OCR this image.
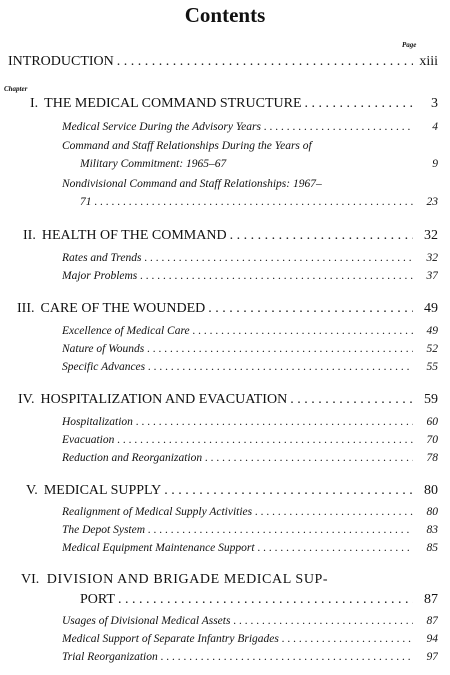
Contents
Page
INTRODUCTION . . .	xiii
Chapter
I. THE MEDICAL COMMAND STRUCTURE . . .	3
Medical Service During the Advisory Years . . .	4
Command and Staff Relationships During the Years of
Military Commitment: 1965–67	9
Nondivisional Command and Staff Relationships: 1967–
71 . . .	23
II. HEALTH OF THE COMMAND . . .	32
Rates and Trends . . .	32
Major Problems . . .	37
III. CARE OF THE WOUNDED . . .	49
Excellence of Medical Care . . .	49
Nature of Wounds . . .	52
Specific Advances . . .	55
IV. HOSPITALIZATION AND EVACUATION . . .	59
Hospitalization . . .	60
Evacuation . . .	70
Reduction and Reorganization . . .	78
V. MEDICAL SUPPLY . . .	80
Realignment of Medical Supply Activities . . .	80
The Depot System . . .	83
Medical Equipment Maintenance Support . . .	85
VI. DIVISION AND BRIGADE MEDICAL SUP-
PORT . . .	87
Usages of Divisional Medical Assets . . .	87
Medical Support of Separate Infantry Brigades . . .	94
Trial Reorganization . . .	97
